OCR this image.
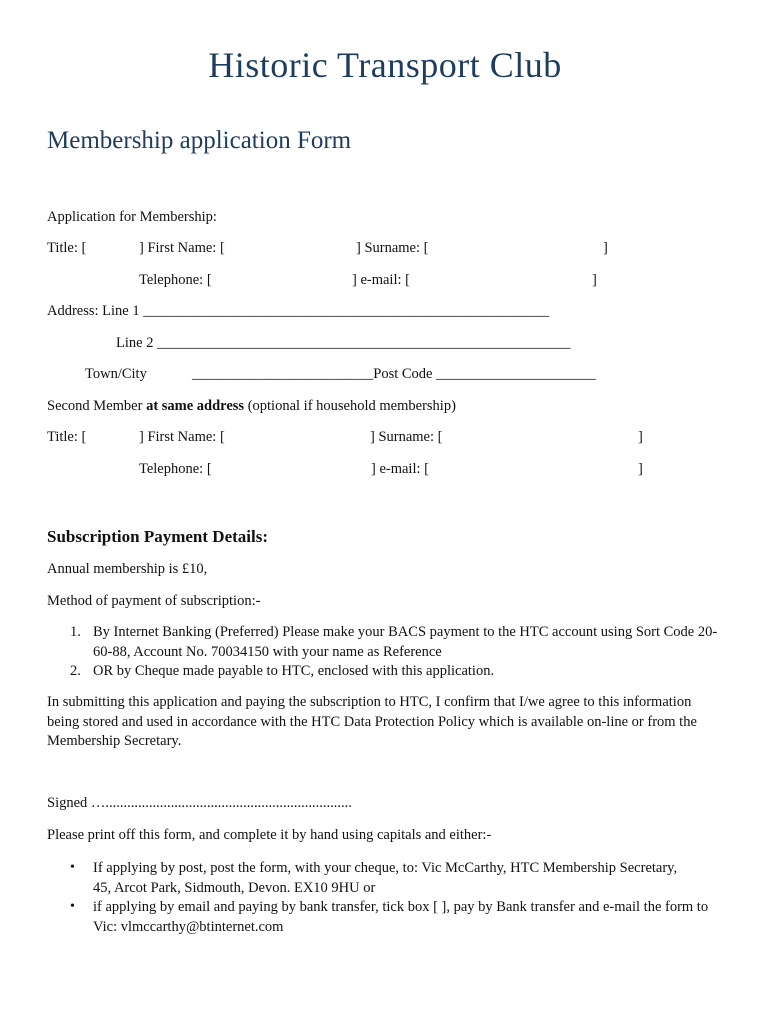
Historic Transport Club
Membership application Form
Application for Membership:
Title: [	] First Name: [	] Surname: [	]
Telephone: [	] e-mail: [	]
Address: Line 1 ________________________________________________________
Line 2 _________________________________________________________
Town/City	_________________________Post Code ______________________
Second Member at same address (optional if household membership)
Title: [	] First Name: [	] Surname: [	]
Telephone: [	] e-mail: [	]
Subscription Payment Details:
Annual membership is £10,
Method of payment of subscription:-
1. By Internet Banking (Preferred) Please make your BACS payment to the HTC account using Sort Code 20-60-88, Account No. 70034150 with your name as Reference
2. OR by Cheque made payable to HTC, enclosed with this application.
In submitting this application and paying the subscription to HTC, I confirm that I/we agree to this information being stored and used in accordance with the HTC Data Protection Policy which is available on-line or from the Membership Secretary.
Signed …....................................................................
Please print off this form, and complete it by hand using capitals and either:-
• If applying by post, post the form, with your cheque, to: Vic McCarthy, HTC Membership Secretary, 45, Arcot Park, Sidmouth, Devon. EX10 9HU or
• if applying by email and paying by bank transfer, tick box [ ], pay by Bank transfer and e-mail the form to Vic: vlmccarthy@btinternet.com
